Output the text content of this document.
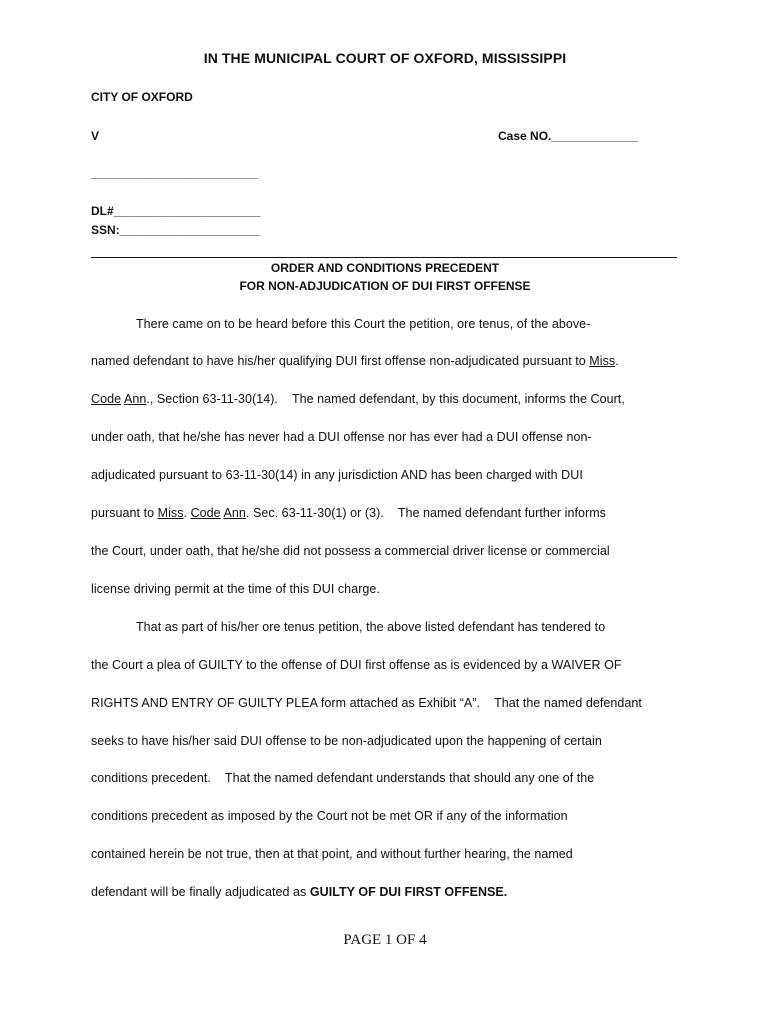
IN THE MUNICIPAL COURT OF OXFORD, MISSISSIPPI
CITY OF OXFORD
V	Case NO._____________
_________________________
DL#______________________
SSN:_____________________
ORDER AND CONDITIONS PRECEDENT
FOR NON-ADJUDICATION OF DUI FIRST OFFENSE
There came on to be heard before this Court the petition, ore tenus, of the above-
named defendant to have his/her qualifying DUI first offense non-adjudicated pursuant to Miss.
Code Ann., Section 63-11-30(14). The named defendant, by this document, informs the Court,
under oath, that he/she has never had a DUI offense nor has ever had a DUI offense non-
adjudicated pursuant to 63-11-30(14) in any jurisdiction AND has been charged with DUI
pursuant to Miss. Code Ann. Sec. 63-11-30(1) or (3). The named defendant further informs
the Court, under oath, that he/she did not possess a commercial driver license or commercial
license driving permit at the time of this DUI charge.
That as part of his/her ore tenus petition, the above listed defendant has tendered to
the Court a plea of GUILTY to the offense of DUI first offense as is evidenced by a WAIVER OF
RIGHTS AND ENTRY OF GUILTY PLEA form attached as Exhibit “A”. That the named defendant
seeks to have his/her said DUI offense to be non-adjudicated upon the happening of certain
conditions precedent. That the named defendant understands that should any one of the
conditions precedent as imposed by the Court not be met OR if any of the information
contained herein be not true, then at that point, and without further hearing, the named
defendant will be finally adjudicated as GUILTY OF DUI FIRST OFFENSE.
PAGE 1 OF 4
